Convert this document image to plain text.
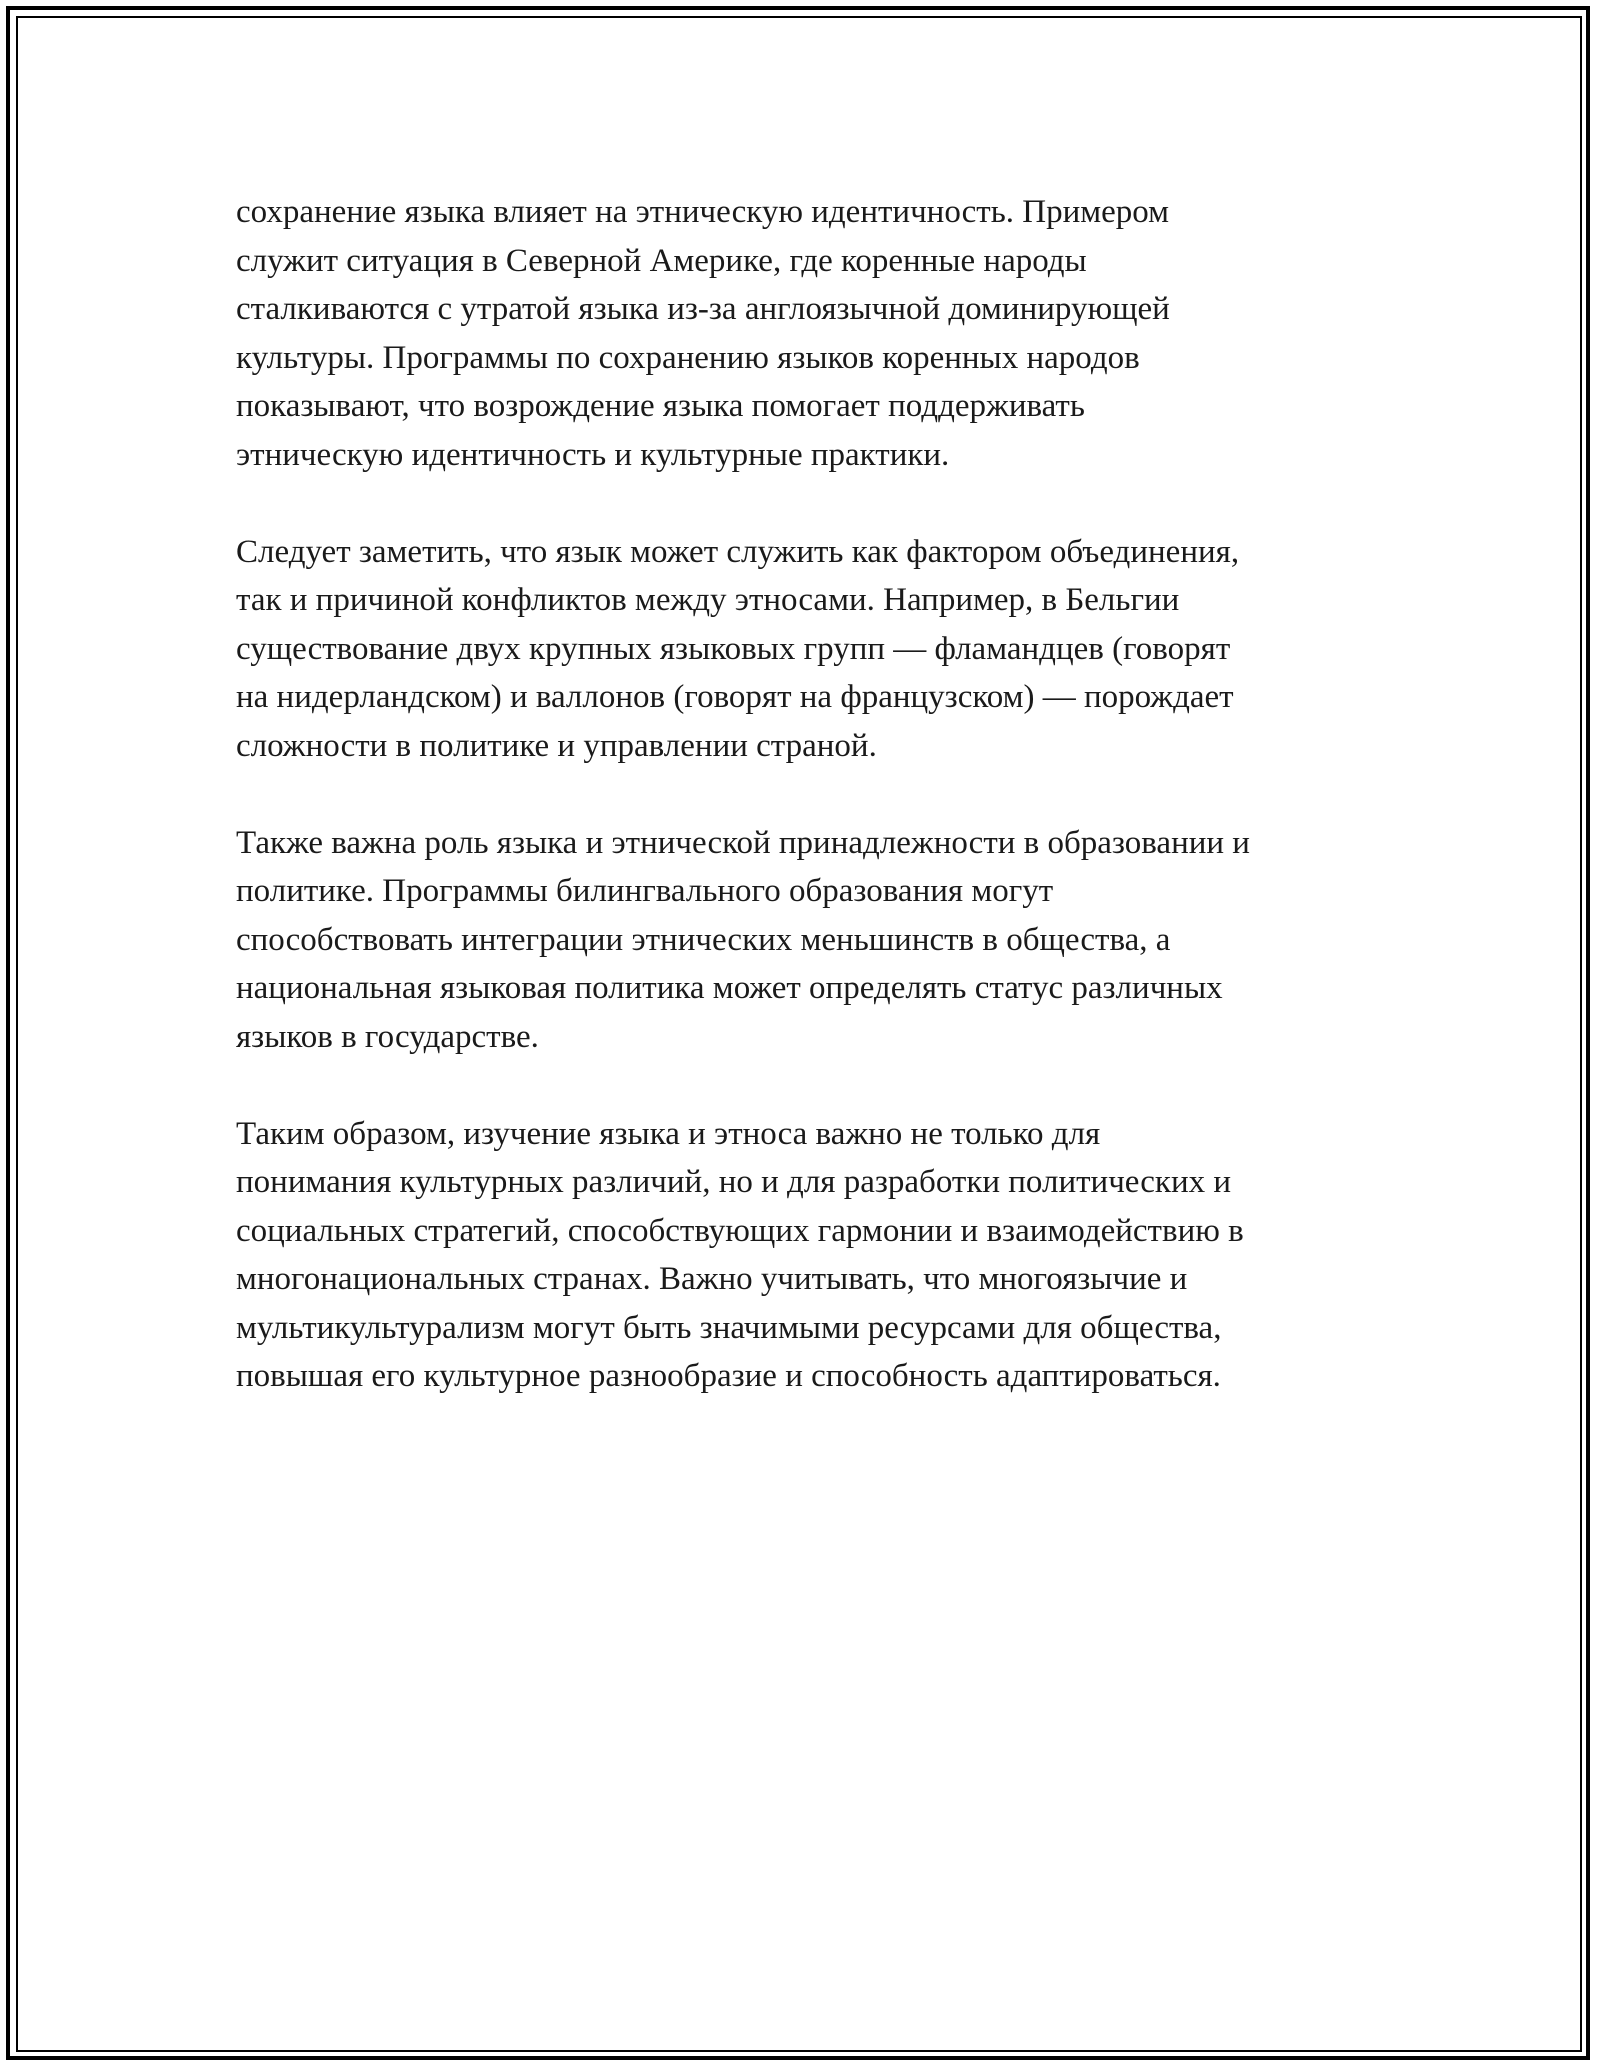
сохранение языка влияет на этническую идентичность. Примером
служит ситуация в Северной Америке, где коренные народы
сталкиваются с утратой языка из-за англоязычной доминирующей
культуры. Программы по сохранению языков коренных народов
показывают, что возрождение языка помогает поддерживать
этническую идентичность и культурные практики.

Следует заметить, что язык может служить как фактором объединения,
так и причиной конфликтов между этносами. Например, в Бельгии
существование двух крупных языковых групп — фламандцев (говорят
на нидерландском) и валлонов (говорят на французском) — порождает
сложности в политике и управлении страной.

Также важна роль языка и этнической принадлежности в образовании и
политике. Программы билингвального образования могут
способствовать интеграции этнических меньшинств в общества, а
национальная языковая политика может определять статус различных
языков в государстве.

Таким образом, изучение языка и этноса важно не только для
понимания культурных различий, но и для разработки политических и
социальных стратегий, способствующих гармонии и взаимодействию в
многонациональных странах. Важно учитывать, что многоязычие и
мультикультурализм могут быть значимыми ресурсами для общества,
повышая его культурное разнообразие и способность адаптироваться.
